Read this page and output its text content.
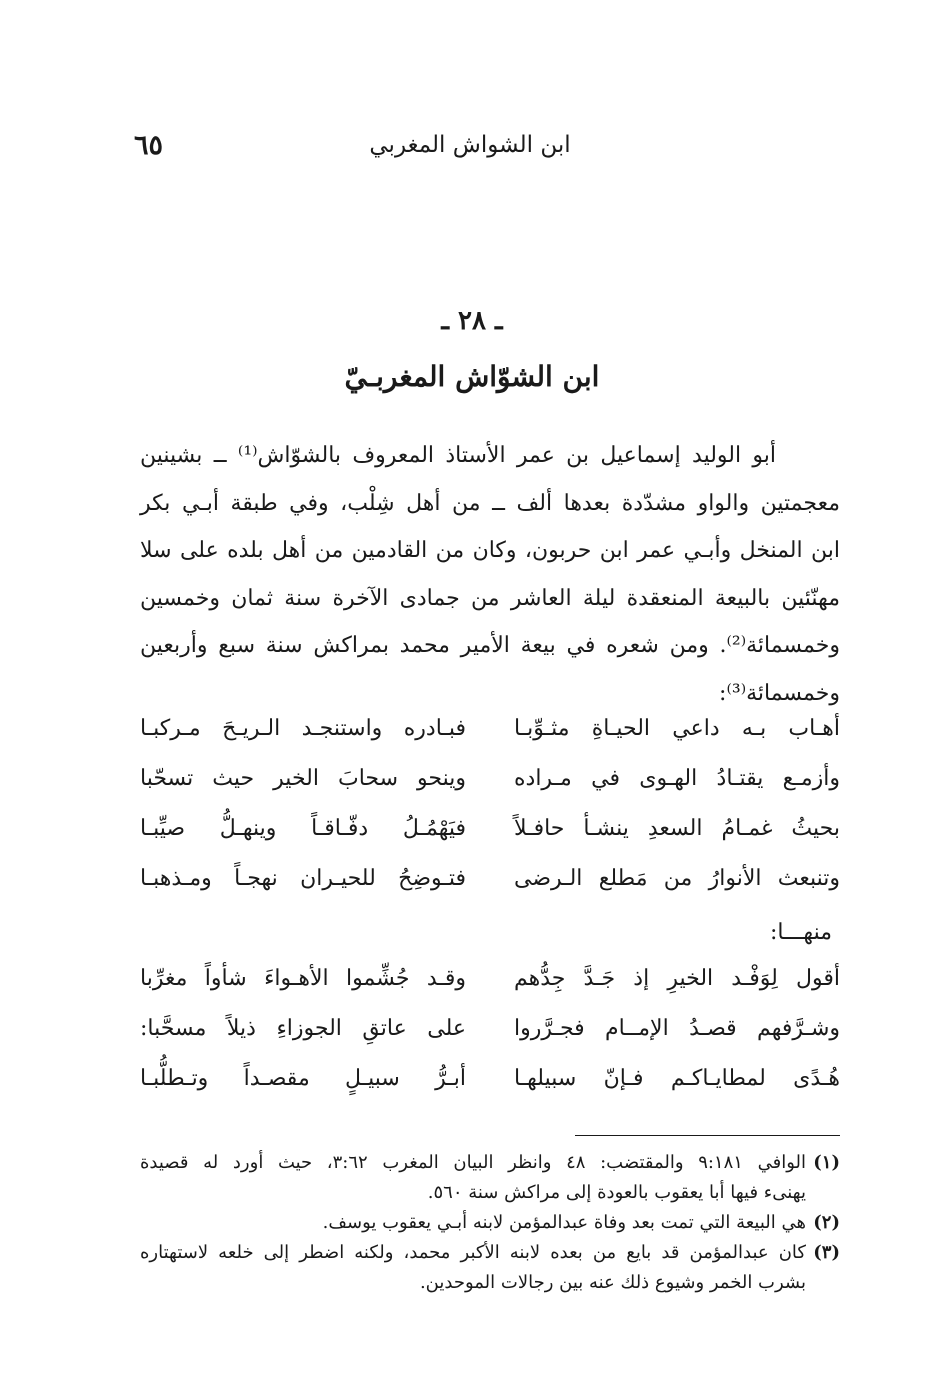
ابن الشواش المغربي
٦٥
ـ ٢٨ ـ
ابن الشوّاش المغربـيّ
أبو الوليد إسماعيل بن عمر الأستاذ المعروف بالشوّاش⁽¹⁾ ــ بشينين
معجمتين والواو مشدّدة بعدها ألف ــ من أهل شِلْب، وفي طبقة أبـي بكر
ابن المنخل وأبـي عمر ابن حربون، وكان من القادمين من أهل بلده على سلا
مهنّئين بالبيعة المنعقدة ليلة العاشر من جمادى الآخرة سنة ثمان وخمسين
وخمسمائة⁽²⁾. ومن شعره في بيعة الأمير محمد بمراكش سنة سبع وأربعين
وخمسمائة⁽³⁾:
أهـاب بـه داعي الحيـاةِ مثـوِّبـا
فبـادره واستنجـد الـريـحَ مـركبـا
وأزمـع يقتـادُ الهـوى في مـراده
وينحو سحابَ الخير حيث تسحّبا
بحيثُ غمـامُ السعدِ ينشـأ حافـلاً
فيَهْمُـلُ دفّـاقـاً وينهـلُّ صيِّبـا
وتنبعث الأنوارُ من مَطلع الـرضى
فتـوضِحُ للحيـران نهجـاً ومـذهبـا
منهـــا:
أقول لِوَفْـد الخيرِ إذ جَـدَّ جِدُّهم
وقـد جُشِّموا الأهـواءَ شأواً مغرِّبا
وشـرَّفهم قصـدُ الإمــام فجـرَّروا
على عاتقِ الجوزاءِ ذيلاً مسحَّبا:
هُـدًى لمطايـاكـم فـإنّ سبيلهـا
أبـرُّ سبيـلٍ مقصـداً وتـطلُّبـا
(١)
الوافي ٩:١٨١ والمقتضب: ٤٨ وانظر البيان المغرب ٣:٦٢، حيث أورد له قصيدة
يهنىء فيها أبا يعقوب بالعودة إلى مراكش سنة ٥٦٠.
(٢)
هي البيعة التي تمت بعد وفاة عبدالمؤمن لابنه أبـي يعقوب يوسف.
(٣)
كان عبدالمؤمن قد بايع من بعده لابنه الأكبر محمد، ولكنه اضطر إلى خلعه لاستهتاره
بشرب الخمر وشيوع ذلك عنه بين رجالات الموحدين.
